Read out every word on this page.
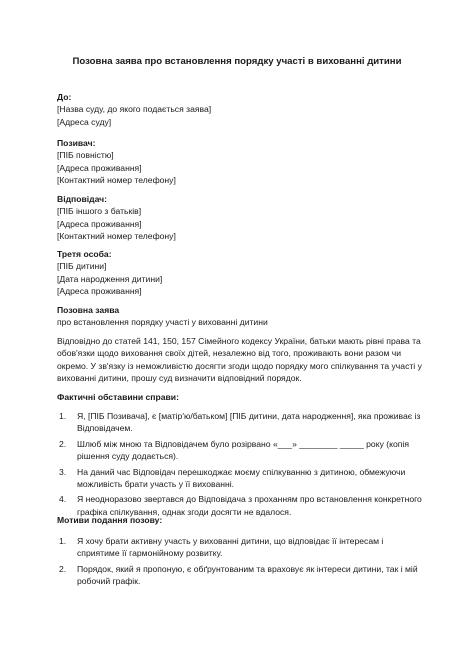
Позовна заява про встановлення порядку участі в вихованні дитини
До:
[Назва суду, до якого подається заява]
[Адреса суду]
Позивач:
[ПІБ повністю]
[Адреса проживання]
[Контактний номер телефону]
Відповідач:
[ПІБ іншого з батьків]
[Адреса проживання]
[Контактний номер телефону]
Третя особа:
[ПІБ дитини]
[Дата народження дитини]
[Адреса проживання]
Позовна заява
про встановлення порядку участі у вихованні дитини
Відповідно до статей 141, 150, 157 Сімейного кодексу України, батьки мають рівні права та обов'язки щодо виховання своїх дітей, незалежно від того, проживають вони разом чи окремо. У зв'язку із неможливістю досягти згоди щодо порядку мого спілкування та участі у вихованні дитини, прошу суд визначити відповідний порядок.
Фактичні обставини справи:
1. Я, [ПІБ Позивача], є [матір'ю/батьком] [ПІБ дитини, дата народження], яка проживає із Відповідачем.
2. Шлюб між мною та Відповідачем було розірвано «___» ________ _____ року (копія рішення суду додається).
3. На даний час Відповідач перешкоджає моєму спілкуванню з дитиною, обмежуючи можливість брати участь у її вихованні.
4. Я неодноразово звертався до Відповідача з проханням про встановлення конкретного графіка спілкування, однак згоди досягти не вдалося.
Мотиви подання позову:
1. Я хочу брати активну участь у вихованні дитини, що відповідає її інтересам і сприятиме її гармонійному розвитку.
2. Порядок, який я пропоную, є обґрунтованим та враховує як інтереси дитини, так і мій робочий графік.
